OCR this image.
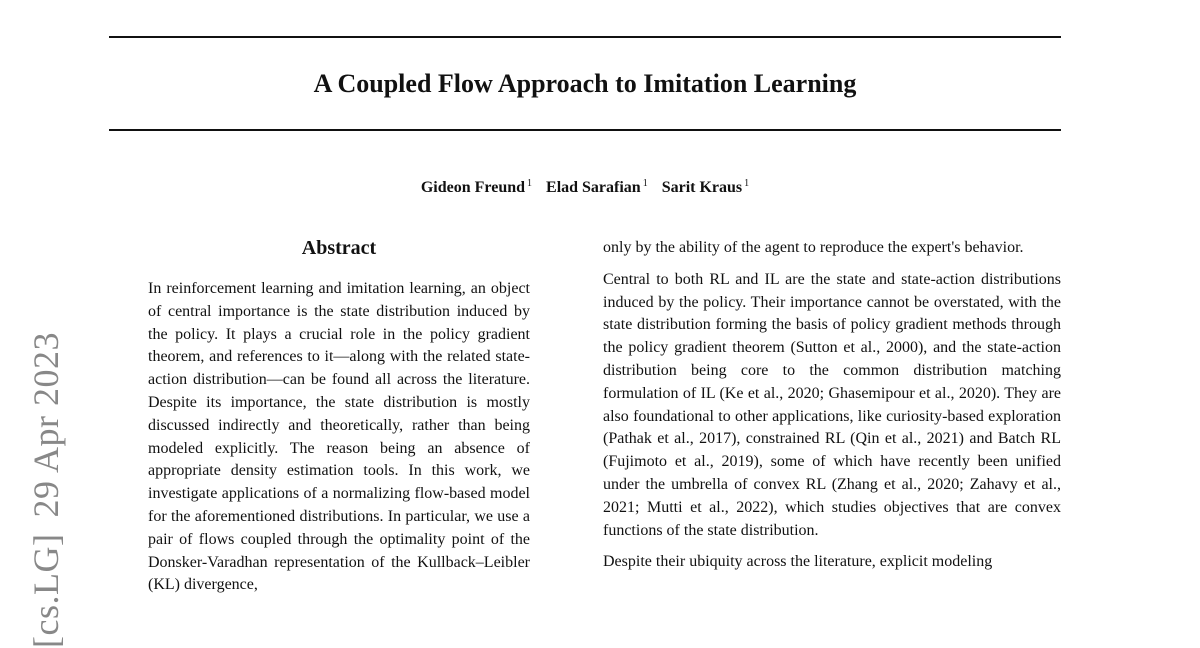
A Coupled Flow Approach to Imitation Learning
Gideon Freund $^1$ Elad Sarafian $^1$ Sarit Kraus $^1$
[cs.LG]29 Apr 2023
Abstract

In reinforcement learning and imitation learning, an object of central importance is the state distribution induced by the policy. It plays a crucial role in the policy gradient theorem, and references to it—along with the related state-action distribution—can be found all across the literature. Despite its importance, the state distribution is mostly discussed indirectly and theoretically, rather than being modeled explicitly. The reason being an absence of appropriate density estimation tools. In this work, we investigate applications of a normalizing flow-based model for the aforementioned distributions. In particular, we use a pair of flows coupled through the optimality point of the Donsker-Varadhan representation of the Kullback–Leibler (KL) divergence,

only by the ability of the agent to reproduce the expert's behavior.

Central to both RL and IL are the state and state-action distributions induced by the policy. Their importance cannot be overstated, with the state distribution forming the basis of policy gradient methods through the policy gradient theorem (Sutton et al., 2000), and the state-action distribution being core to the common distribution matching formulation of IL (Ke et al., 2020; Ghasemipour et al., 2020). They are also foundational to other applications, like curiosity-based exploration (Pathak et al., 2017), constrained RL (Qin et al., 2021) and Batch RL (Fujimoto et al., 2019), some of which have recently been unified under the umbrella of convex RL (Zhang et al., 2020; Zahavy et al., 2021; Mutti et al., 2022), which studies objectives that are convex functions of the state distribution.

Despite their ubiquity across the literature, explicit modeling
